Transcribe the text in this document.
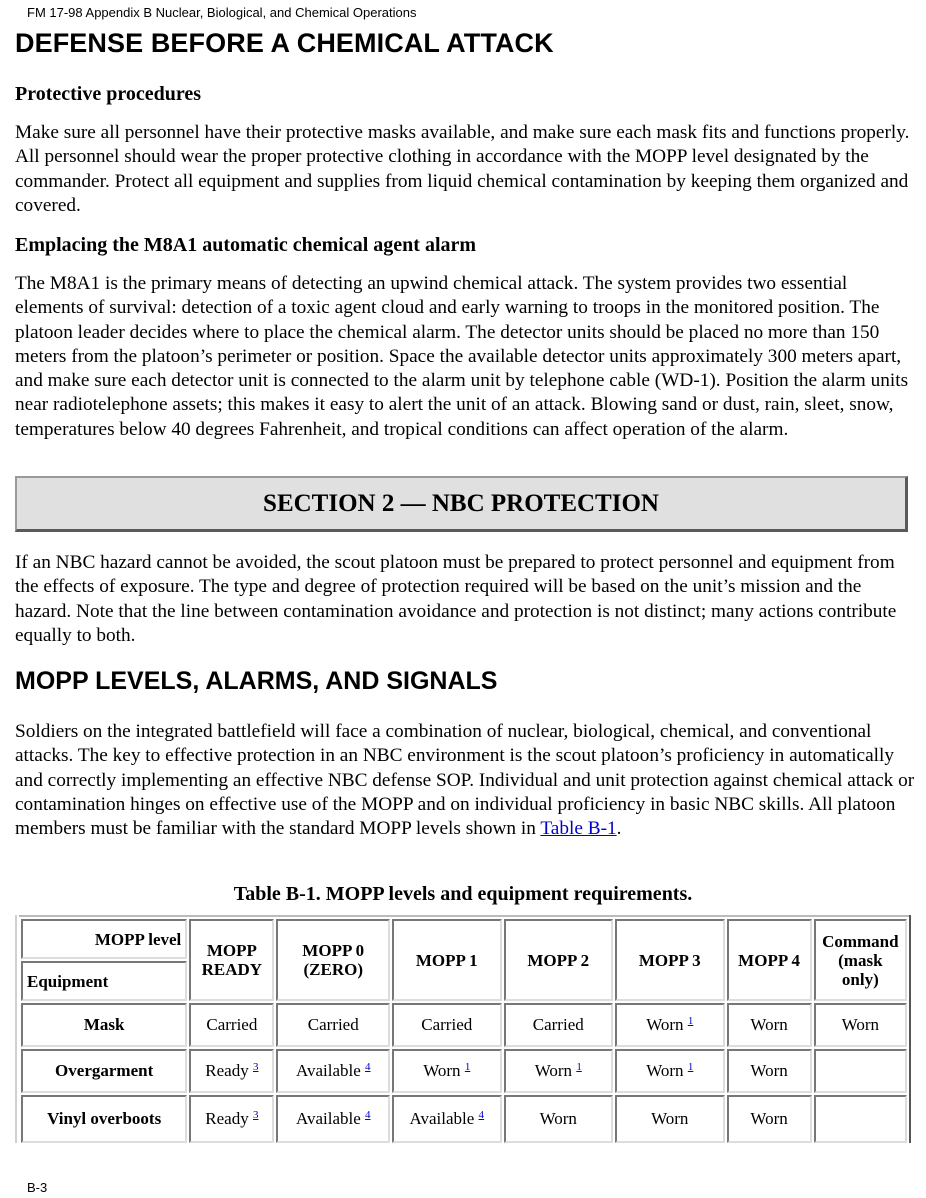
FM 17-98 Appendix B Nuclear, Biological, and Chemical Operations
DEFENSE BEFORE A CHEMICAL ATTACK
Protective procedures

Make sure all personnel have their protective masks available, and make sure each mask fits and functions properly. All personnel should wear the proper protective clothing in accordance with the MOPP level designated by the commander. Protect all equipment and supplies from liquid chemical contamination by keeping them organized and covered.

Emplacing the M8A1 automatic chemical agent alarm

The M8A1 is the primary means of detecting an upwind chemical attack. The system provides two essential elements of survival: detection of a toxic agent cloud and early warning to troops in the monitored position. The platoon leader decides where to place the chemical alarm. The detector units should be placed no more than 150 meters from the platoon’s perimeter or position. Space the available detector units approximately 300 meters apart, and make sure each detector unit is connected to the alarm unit by telephone cable (WD-1). Position the alarm units near radiotelephone assets; this makes it easy to alert the unit of an attack. Blowing sand or dust, rain, sleet, snow, temperatures below 40 degrees Fahrenheit, and tropical conditions can affect operation of the alarm.

SECTION 2 — NBC PROTECTION

If an NBC hazard cannot be avoided, the scout platoon must be prepared to protect personnel and equipment from the effects of exposure. The type and degree of protection required will be based on the unit’s mission and the hazard. Note that the line between contamination avoidance and protection is not distinct; many actions contribute equally to both.

MOPP LEVELS, ALARMS, AND SIGNALS

Soldiers on the integrated battlefield will face a combination of nuclear, biological, chemical, and conventional attacks. The key to effective protection in an NBC environment is the scout platoon’s proficiency in automatically and correctly implementing an effective NBC defense SOP. Individual and unit protection against chemical attack or contamination hinges on effective use of the MOPP and on individual proficiency in basic NBC skills. All platoon members must be familiar with the standard MOPP levels shown in Table B-1.

Table B-1. MOPP levels and equipment requirements.
MOPP level	MOPP READY	MOPP 0 (ZERO)	MOPP 1	MOPP 2	MOPP 3	MOPP 4	Command (mask only)
Equipment							
Mask	Carried	Carried	Carried	Carried	Worn $^1$	Worn	Worn
Overgarment	Ready $^3$	Available $^4$	Worn $^1$	Worn $^1$	Worn $^1$	Worn	
Vinyl overboots	Ready $^3$	Available $^4$	Available $^4$	Worn	Worn	Worn	
B-3
